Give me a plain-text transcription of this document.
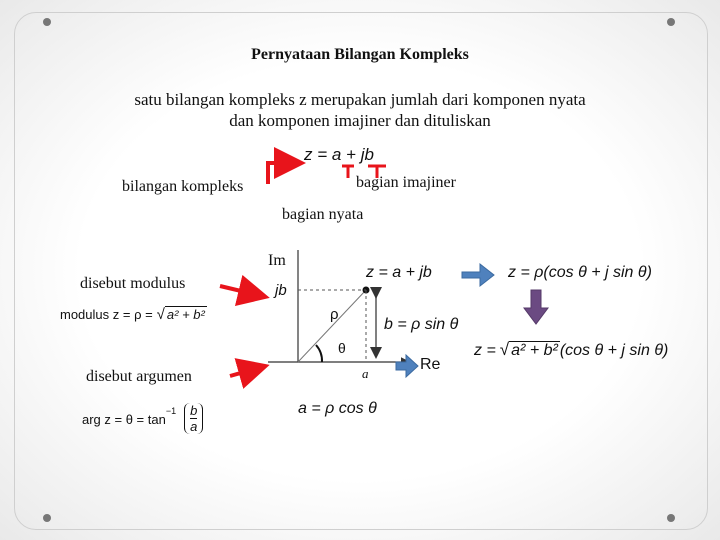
Pernyataan Bilangan Kompleks
satu bilangan kompleks z merupakan jumlah dari komponen nyata
dan komponen imajiner dan dituliskan
z = a + jb
bilangan kompleks	bagian imajiner
bagian nyata
disebut modulus
disebut argumen
modulus z = ρ = √ a² + b²
$_{arg z = \theta = tan}-1 \frac{b}{a}$
Im
jb
ρ
θ
a
Re
z = a + jb
b = ρ sin θ
a = ρ cos θ
z = ρ(cos θ + j sin θ)
z = √ a² + b² (cos θ + j sin θ)
